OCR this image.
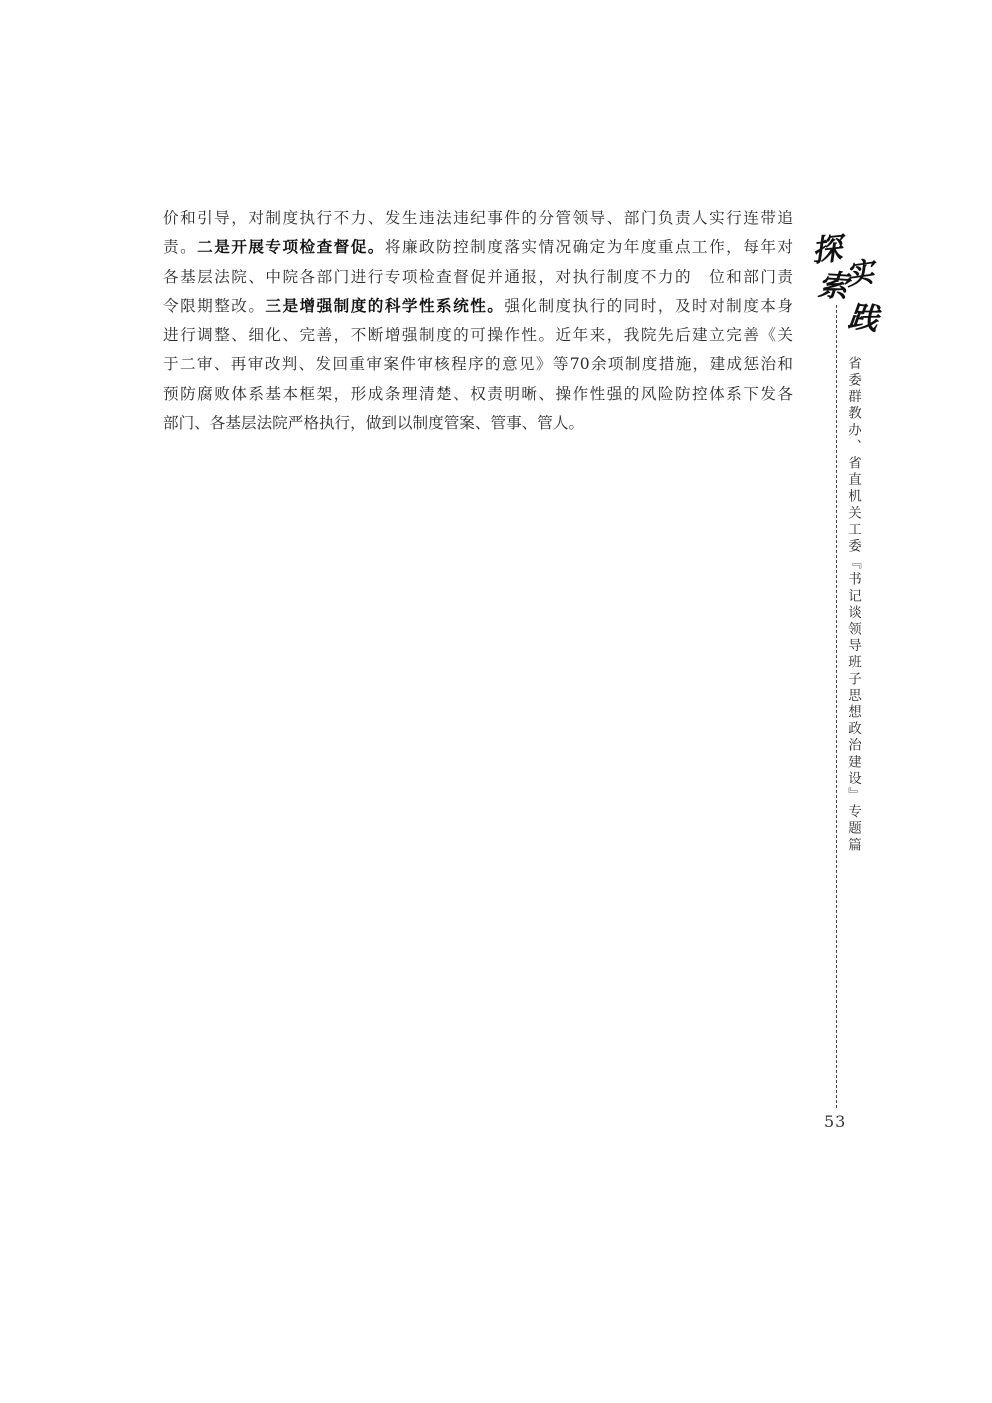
价和引导，对制度执行不力、发生违法违纪事件的分管领导、部门负责人实行连带追
责。二是开展专项检查督促。将廉政防控制度落实情况确定为年度重点工作，每年对
各基层法院、中院各部门进行专项检查督促并通报，对执行制度不力的　位和部门责
令限期整改。三是增强制度的科学性系统性。强化制度执行的同时，及时对制度本身
进行调整、细化、完善，不断增强制度的可操作性。近年来，我院先后建立完善《关
于二审、再审改判、发回重审案件审核程序的意见》等70余项制度措施，建成惩治和
预防腐败体系基本框架，形成条理清楚、权责明晰、操作性强的风险防控体系下发各
部门、各基层法院严格执行，做到以制度管案、管事、管人。
探
索
实
践

省委群教办、省直机关工委『书记谈领导班子思想政治建设』专题篇

53
